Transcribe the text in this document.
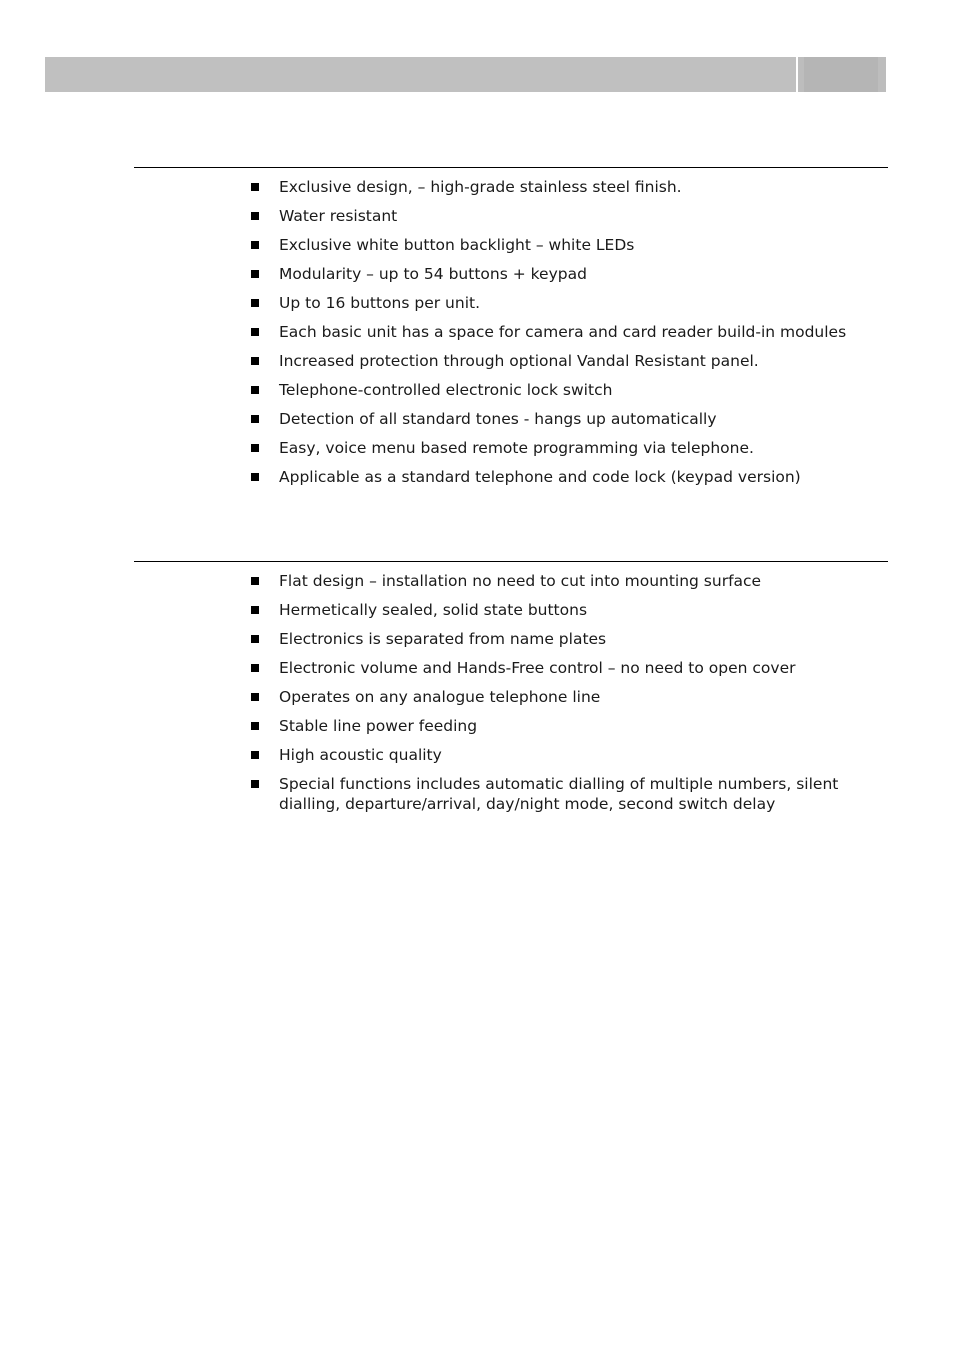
Exclusive design, – high-grade stainless steel finish.
Water resistant
Exclusive white button backlight – white LEDs
Modularity – up to 54 buttons + keypad
Up to 16 buttons per unit.
Each basic unit has a space for camera and card reader build-in modules
Increased protection through optional Vandal Resistant panel.
Telephone-controlled electronic lock switch
Detection of all standard tones - hangs up automatically
Easy, voice menu based remote programming via telephone.
Applicable as a standard telephone and code lock (keypad version)
Flat design – installation no need to cut into mounting surface
Hermetically sealed, solid state buttons
Electronics is separated from name plates
Electronic volume and Hands-Free control – no need to open cover
Operates on any analogue telephone line
Stable line power feeding
High acoustic quality
Special functions includes automatic dialling of multiple numbers, silent dialling, departure/arrival, day/night mode, second switch delay
